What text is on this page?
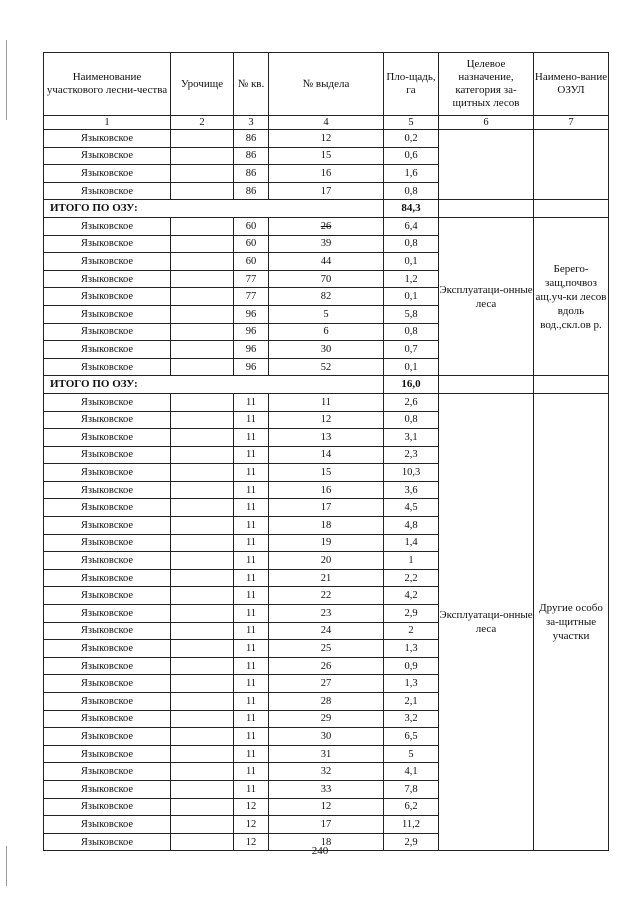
Наименование участкового лесни-чества	Урочище	№ кв.	№ выдела	Пло-щадь, га	Целевое назначение, категория за-щитных лесов	Наимено-вание ОЗУЛ
1	2	3	4	5	6	7
Языковское		86	12	0,2		
Языковское		86	15	0,6		
Языковское		86	16	1,6		
Языковское		86	17	0,8		
ИТОГО ПО ОЗУ:				84,3		
Языковское		60	26	6,4	Эксплуатаци-онные леса	Берего-защ,почвоз ащ.уч-ки лесов вдоль вод.,скл.ов р.
Языковское		60	39	0,8		
Языковское		60	44	0,1		
Языковское		77	70	1,2		
Языковское		77	82	0,1		
Языковское		96	5	5,8		
Языковское		96	6	0,8		
Языковское		96	30	0,7		
Языковское		96	52	0,1		
ИТОГО ПО ОЗУ:				16,0		
Языковское		11	11	2,6	Эксплуатаци-онные леса	Другие особо за-щитные участки
Языковское		11	12	0,8		
Языковское		11	13	3,1		
Языковское		11	14	2,3		
Языковское		11	15	10,3		
Языковское		11	16	3,6		
Языковское		11	17	4,5		
Языковское		11	18	4,8		
Языковское		11	19	1,4		
Языковское		11	20	1		
Языковское		11	21	2,2		
Языковское		11	22	4,2		
Языковское		11	23	2,9		
Языковское		11	24	2		
Языковское		11	25	1,3		
Языковское		11	26	0,9		
Языковское		11	27	1,3		
Языковское		11	28	2,1		
Языковское		11	29	3,2		
Языковское		11	30	6,5		
Языковское		11	31	5		
Языковское		11	32	4,1		
Языковское		11	33	7,8		
Языковское		12	12	6,2		
Языковское		12	17	11,2		
Языковское		12	18	2,9		
240
